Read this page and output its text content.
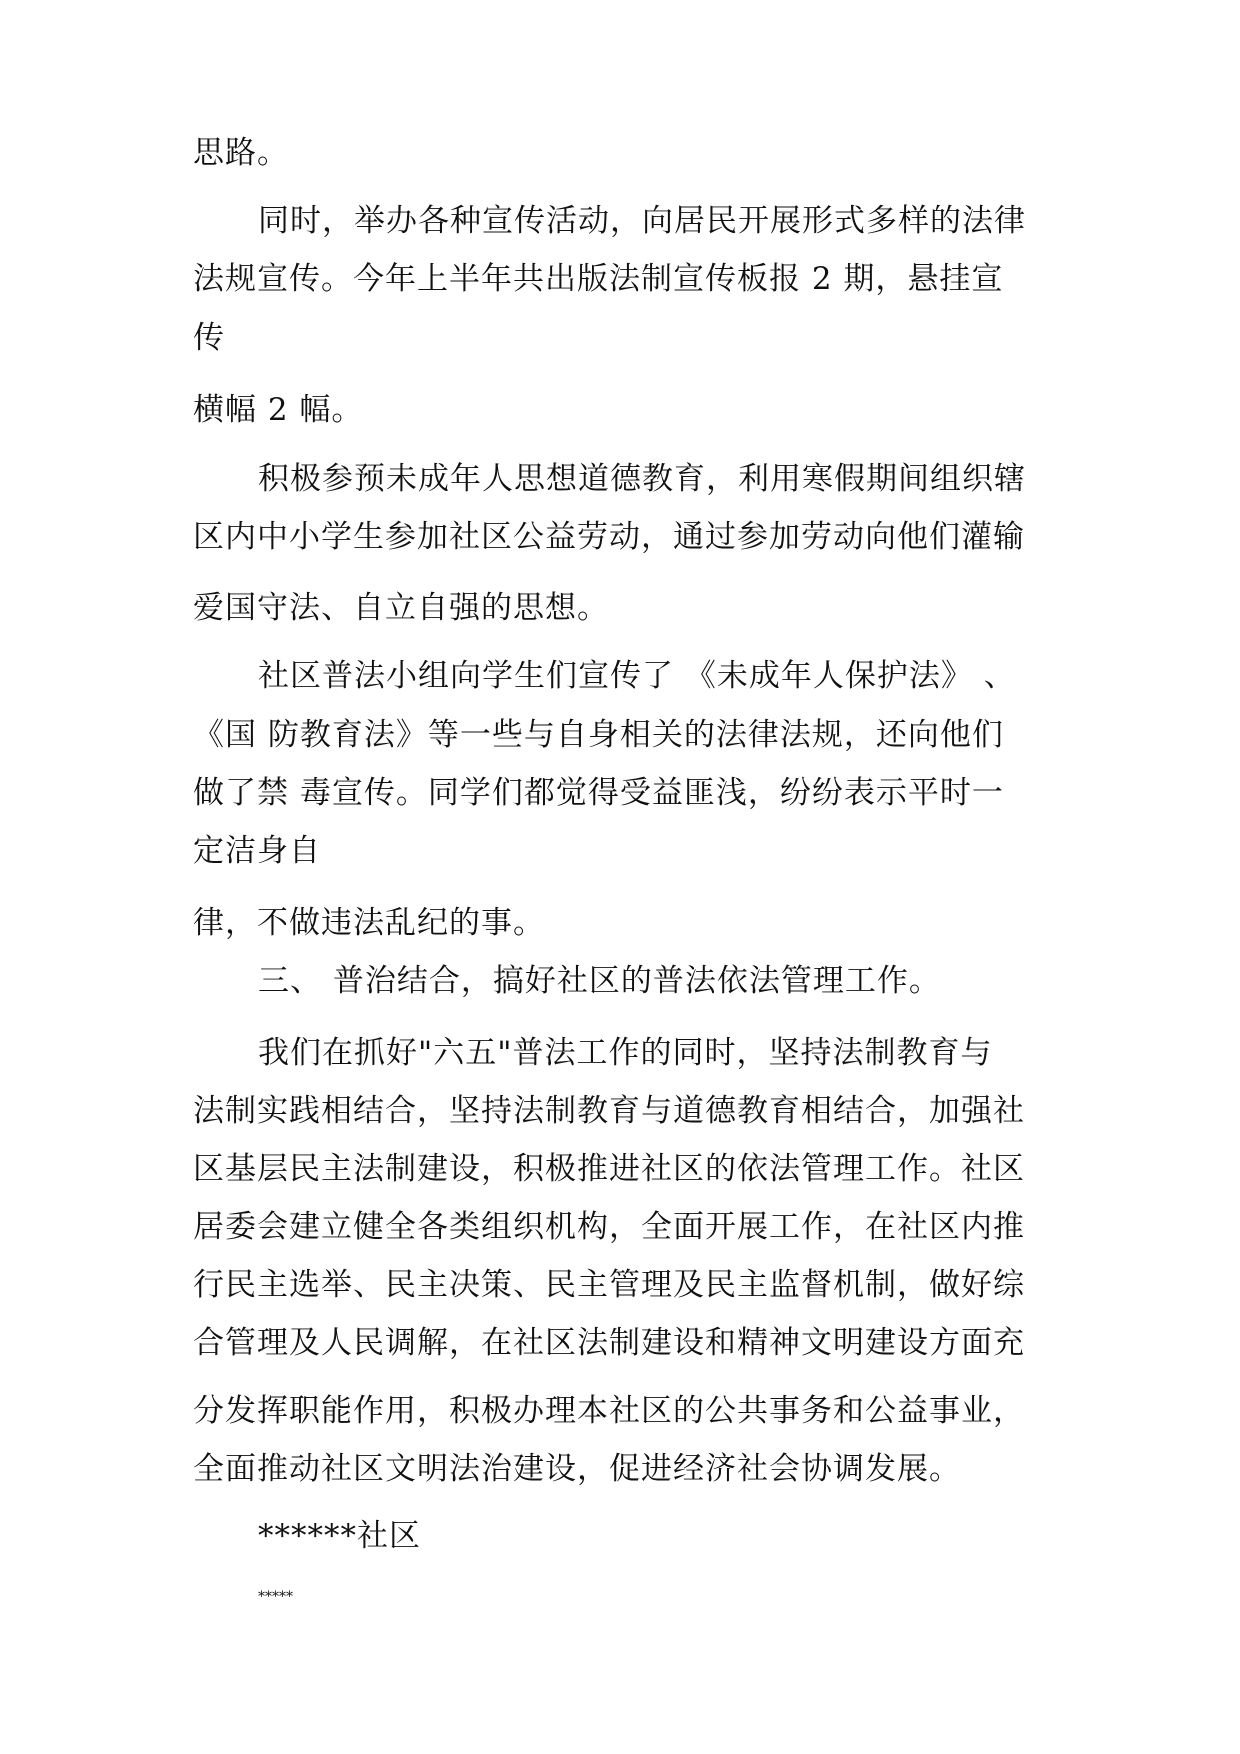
思路。
同时，举办各种宣传活动，向居民开展形式多样的法律
法规宣传。今年上半年共出版法制宣传板报 2 期，悬挂宣
传
横幅 2 幅。
积极参预未成年人思想道德教育，利用寒假期间组织辖
区内中小学生参加社区公益劳动，通过参加劳动向他们灌输
爱国守法、自立自强的思想。
社区普法小组向学生们宣传了 《未成年人保护法》 、
《国 防教育法》等一些与自身相关的法律法规，还向他们
做了禁 毒宣传。同学们都觉得受益匪浅，纷纷表示平时一
定洁身自
律，不做违法乱纪的事。
三、 普治结合，搞好社区的普法依法管理工作。
我们在抓好"六五"普法工作的同时，坚持法制教育与
法制实践相结合，坚持法制教育与道德教育相结合，加强社
区基层民主法制建设，积极推进社区的依法管理工作。社区
居委会建立健全各类组织机构，全面开展工作，在社区内推
行民主选举、民主决策、民主管理及民主监督机制，做好综
合管理及人民调解，在社区法制建设和精神文明建设方面充
分发挥职能作用，积极办理本社区的公共事务和公益事业，
全面推动社区文明法治建设，促进经济社会协调发展。
******社区
*****
